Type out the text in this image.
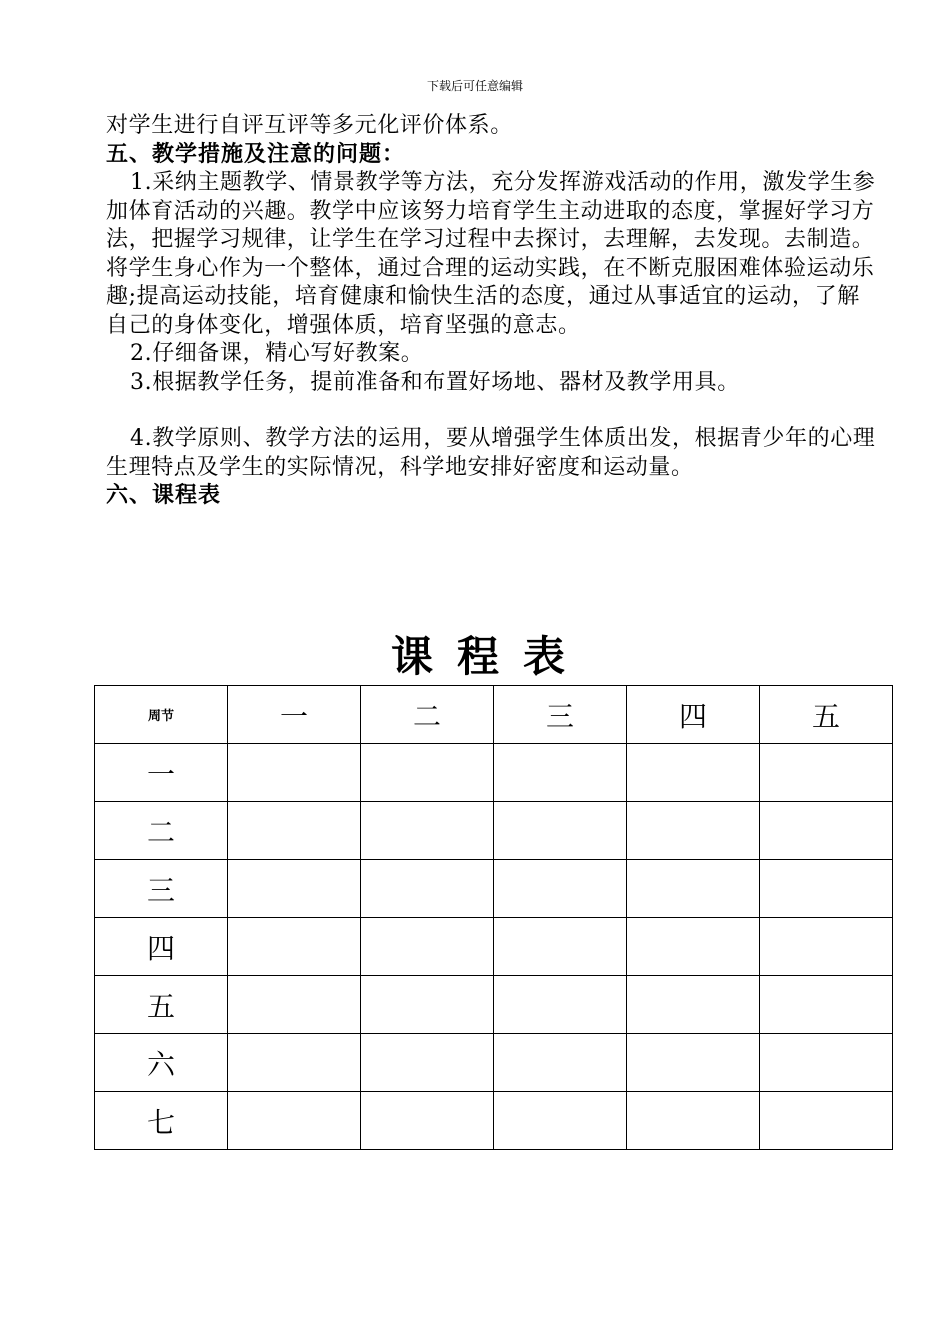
下载后可任意编辑

对学生进行自评互评等多元化评价体系。

五、教学措施及注意的问题：

1.采纳主题教学、情景教学等方法，充分发挥游戏活动的作用，激发学生参加体育活动的兴趣。教学中应该努力培育学生主动进取的态度，掌握好学习方法，把握学习规律，让学生在学习过程中去探讨，去理解，去发现。去制造。将学生身心作为一个整体，通过合理的运动实践，在不断克服困难体验运动乐趣;提高运动技能，培育健康和愉快生活的态度，通过从事适宜的运动，了解自己的身体变化，增强体质，培育坚强的意志。

2.仔细备课，精心写好教案。

3.根据教学任务，提前准备和布置好场地、器材及教学用具。

4.教学原则、教学方法的运用，要从增强学生体质出发，根据青少年的心理生理特点及学生的实际情况，科学地安排好密度和运动量。

六、课程表

课程表
周节	一	二	三	四	五
一					
二					
三					
四					
五					
六					
七					
